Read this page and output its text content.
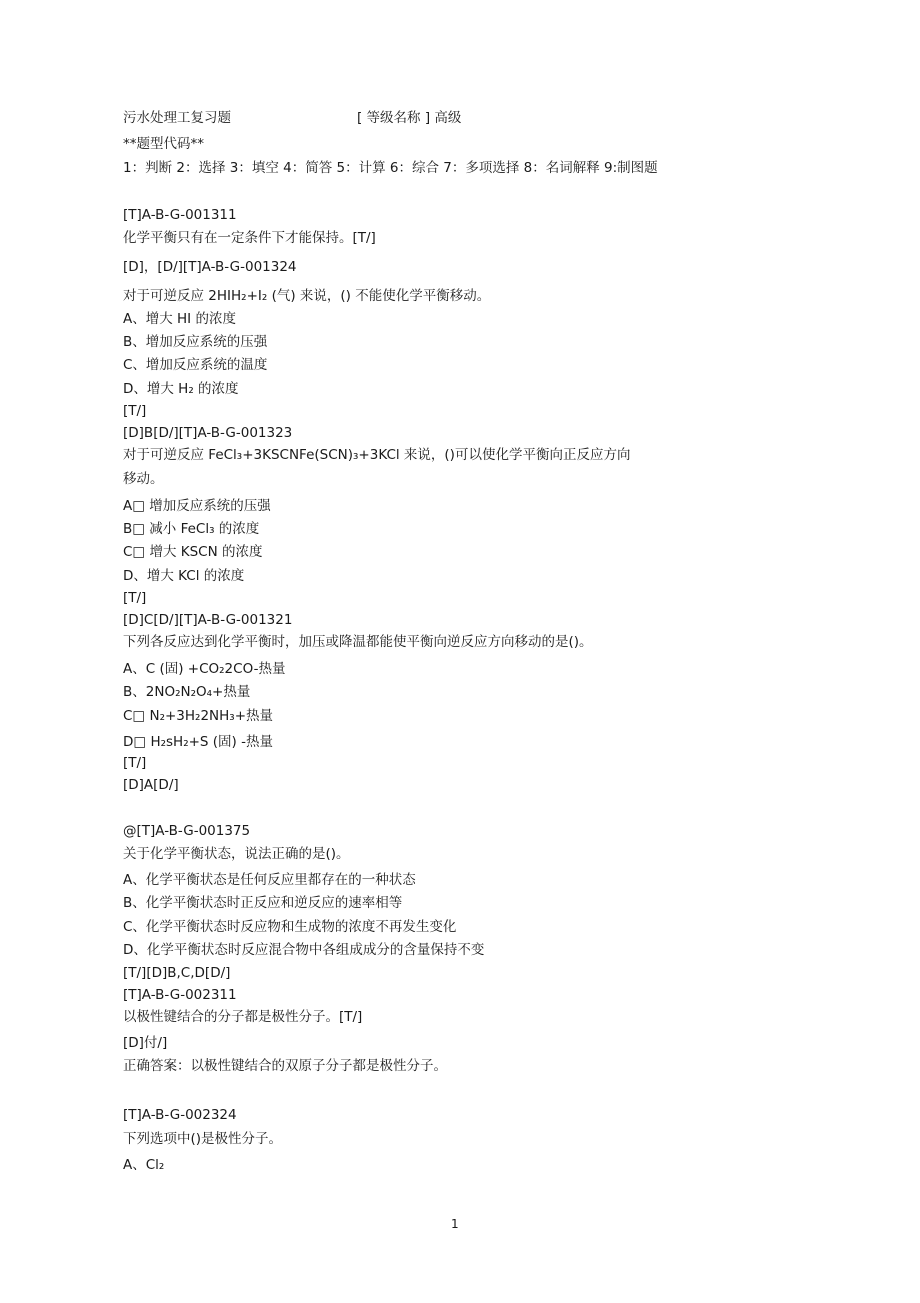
污水处理工复习题	[ 等级名称 ] 高级
**题型代码**
1：判断 2：选择 3：填空 4：简答 5：计算 6：综合 7：多项选择 8：名词解释 9:制图题
[T]A-B-G-001311
化学平衡只有在一定条件下才能保持。[T/]
[D]，[D/][T]A-B-G-001324
对于可逆反应 2HIH₂+I₂ (气) 来说，() 不能使化学平衡移动。
A、增大 HI 的浓度
B、增加反应系统的压强
C、增加反应系统的温度
D、增大 H₂ 的浓度
[T/]
[D]B[D/][T]A-B-G-001323
对于可逆反应 FeCl₃+3KSCNFe(SCN)₃+3KCl 来说，()可以使化学平衡向正反应方向
移动。
A□ 增加反应系统的压强
B□ 减小 FeCl₃ 的浓度
C□ 增大 KSCN 的浓度
D、增大 KCl 的浓度
[T/]
[D]C[D/][T]A-B-G-001321
下列各反应达到化学平衡时，加压或降温都能使平衡向逆反应方向移动的是()。
A、C (固) +CO₂2CO-热量
B、2NO₂N₂O₄+热量
C□ N₂+3H₂2NH₃+热量
D□ H₂sH₂+S (固) -热量
[T/]
[D]A[D/]
@[T]A-B-G-001375
关于化学平衡状态，说法正确的是()。
A、化学平衡状态是任何反应里都存在的一种状态
B、化学平衡状态时正反应和逆反应的速率相等
C、化学平衡状态时反应物和生成物的浓度不再发生变化
D、化学平衡状态时反应混合物中各组成成分的含量保持不变
[T/][D]B,C,D[D/]
[T]A-B-G-002311
以极性键结合的分子都是极性分子。[T/]
[D]付/]
正确答案：以极性键结合的双原子分子都是极性分子。
[T]A-B-G-002324
下列选项中()是极性分子。
A、Cl₂
1
